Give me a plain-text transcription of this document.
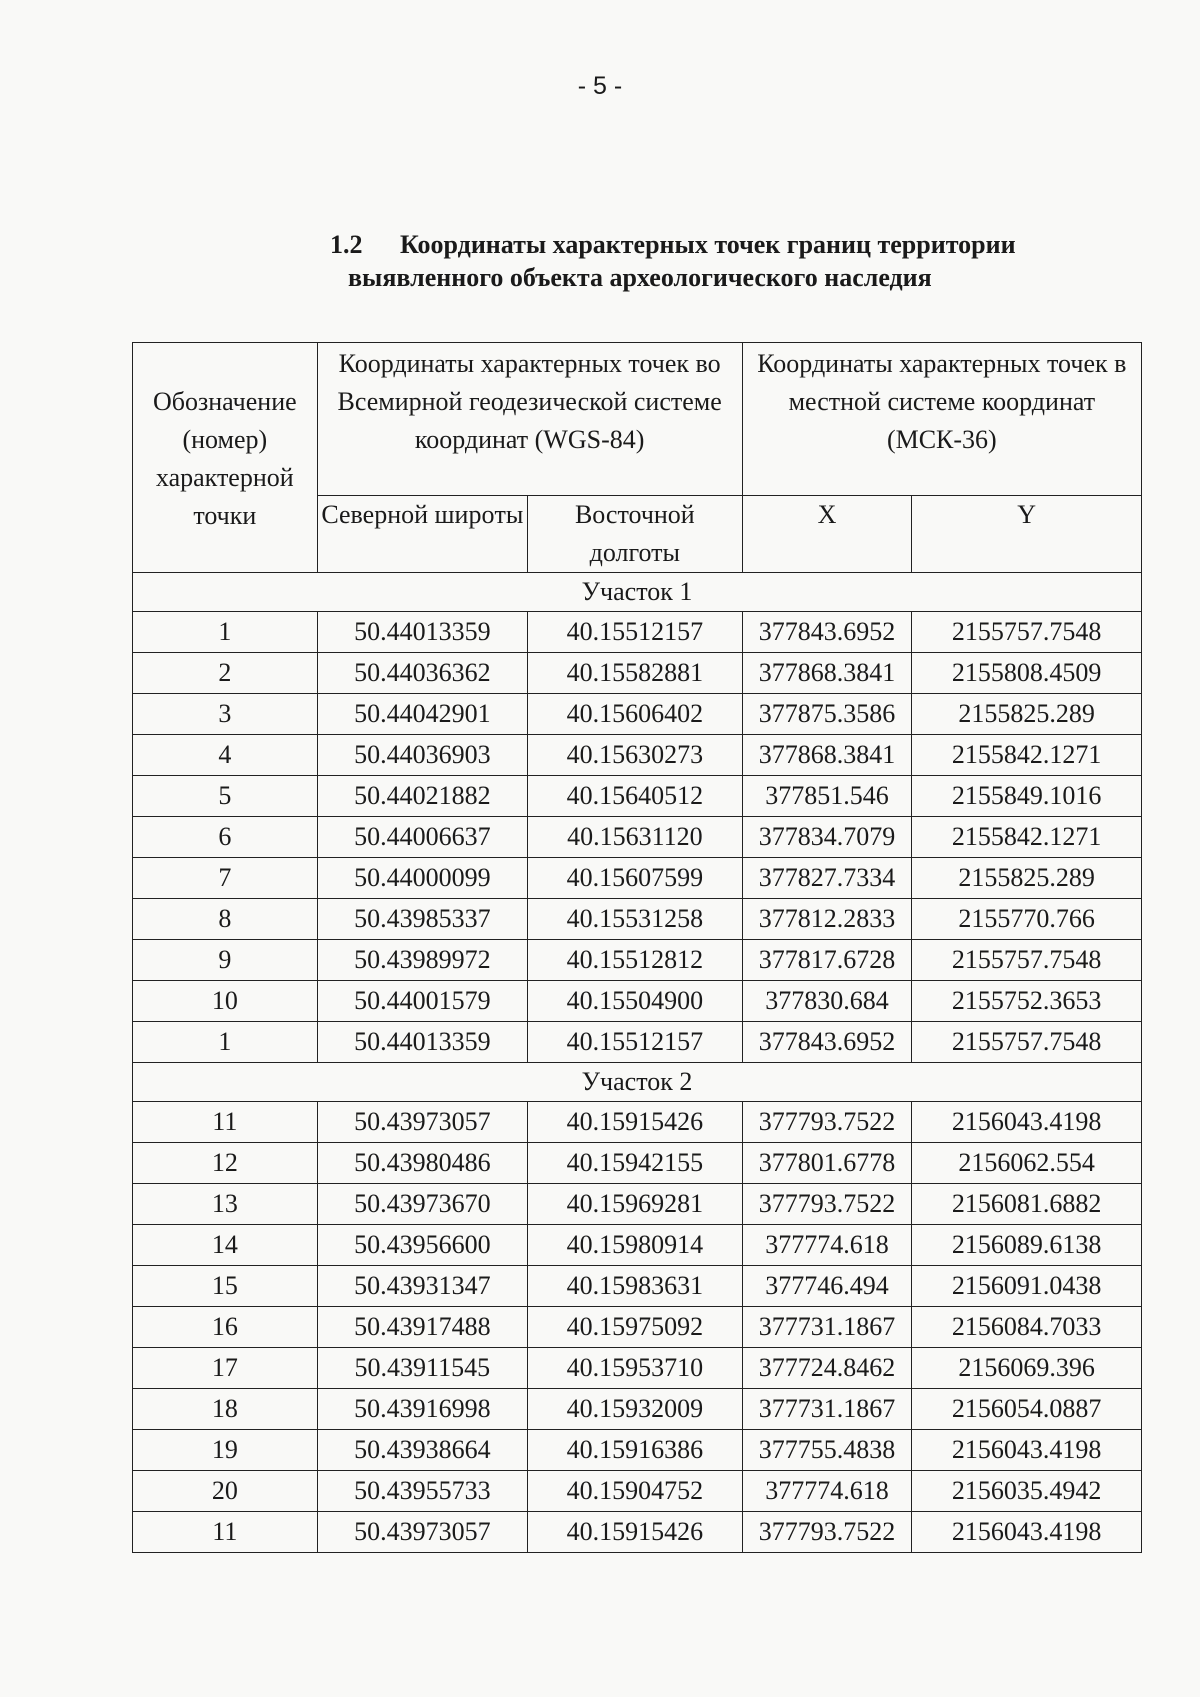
- 5 -
1.2 Координаты характерных точек границ территории
выявленного объекта археологического наследия
Обозначение (номер) характерной точки	Координаты характерных точек во Всемирной геодезической системе координат (WGS-84)		Координаты характерных точек в местной системе координат (МСК-36)	
	Северной ширoты	Восточной долготы	X	Y
Участок 1				
1	50.44013359	40.15512157	377843.6952	2155757.7548
2	50.44036362	40.15582881	377868.3841	2155808.4509
3	50.44042901	40.15606402	377875.3586	2155825.289
4	50.44036903	40.15630273	377868.3841	2155842.1271
5	50.44021882	40.15640512	377851.546	2155849.1016
6	50.44006637	40.15631120	377834.7079	2155842.1271
7	50.44000099	40.15607599	377827.7334	2155825.289
8	50.43985337	40.15531258	377812.2833	2155770.766
9	50.43989972	40.15512812	377817.6728	2155757.7548
10	50.44001579	40.15504900	377830.684	2155752.3653
1	50.44013359	40.15512157	377843.6952	2155757.7548
Участок 2				
11	50.43973057	40.15915426	377793.7522	2156043.4198
12	50.43980486	40.15942155	377801.6778	2156062.554
13	50.43973670	40.15969281	377793.7522	2156081.6882
14	50.43956600	40.15980914	377774.618	2156089.6138
15	50.43931347	40.15983631	377746.494	2156091.0438
16	50.43917488	40.15975092	377731.1867	2156084.7033
17	50.43911545	40.15953710	377724.8462	2156069.396
18	50.43916998	40.15932009	377731.1867	2156054.0887
19	50.43938664	40.15916386	377755.4838	2156043.4198
20	50.43955733	40.15904752	377774.618	2156035.4942
11	50.43973057	40.15915426	377793.7522	2156043.4198
